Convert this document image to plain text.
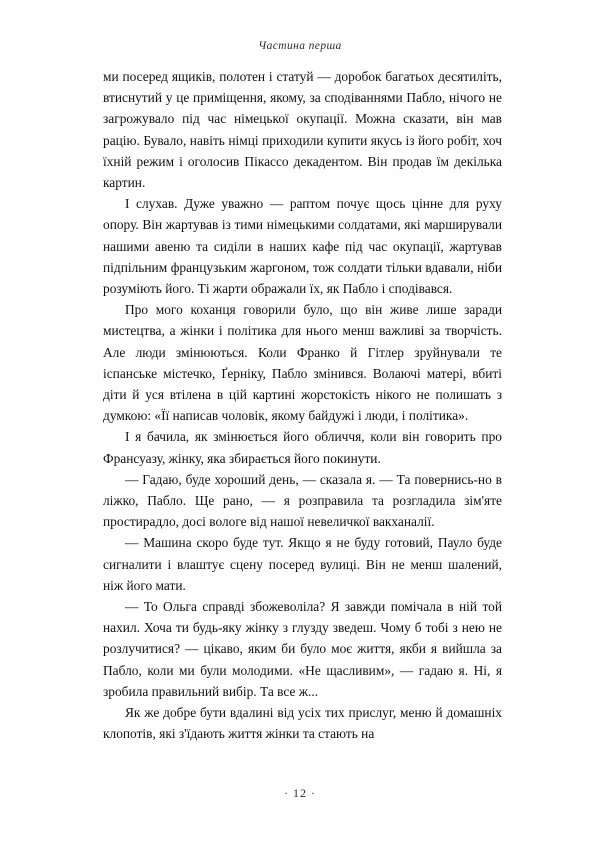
Частина перша

ми посеред ящиків, полотен і статуй — доробок багатьох десятиліть, втиснутий у це приміщення, якому, за сподіваннями Пабло, нічого не загрожувало під час німецької окупації. Можна сказати, він мав рацію. Бувало, навіть німці приходили купити якусь із його робіт, хоч їхній режим і оголосив Пікассо декадентом. Він продав їм декілька картин.

І слухав. Дуже уважно — раптом почує щось цінне для руху опору. Він жартував із тими німецькими солдатами, які марширували нашими авеню та сиділи в наших кафе під час окупації, жартував підпільним французьким жаргоном, тож солдати тільки вдавали, ніби розуміють його. Ті жарти ображали їх, як Пабло і сподівався.

Про мого коханця говорили було, що він живе лише заради мистецтва, а жінки і політика для нього менш важливі за творчість. Але люди змінюються. Коли Франко й Гітлер зруйнували те іспанське містечко, Ґерніку, Пабло змінився. Волаючі матері, вбиті діти й уся втілена в цій картині жорстокість нікого не полишать з думкою: «Її написав чоловік, якому байдужі і люди, і політика».

І я бачила, як змінюється його обличчя, коли він говорить про Франсуазу, жінку, яка збирається його покинути.

— Гадаю, буде хороший день, — сказала я. — Та повернись-но в ліжко, Пабло. Ще рано, — я розправила та розгладила зім'яте простирадло, досі вологе від нашої невеличкої вакханалії.

— Машина скоро буде тут. Якщо я не буду готовий, Пауло буде сигналити і влаштує сцену посеред вулиці. Він не менш шалений, ніж його мати.

— То Ольга справді збожеволіла? Я завжди помічала в ній той нахил. Хоча ти будь-яку жінку з глузду зведеш. Чому б тобі з нею не розлучитися? — цікаво, яким би було моє життя, якби я вийшла за Пабло, коли ми були молодими. «Не щасливим», — гадаю я. Ні, я зробила правильний вибір. Та все ж...

Як же добре бути вдалині від усіх тих прислуг, меню й домашніх клопотів, які з'їдають життя жінки та стають на

· 12 ·
